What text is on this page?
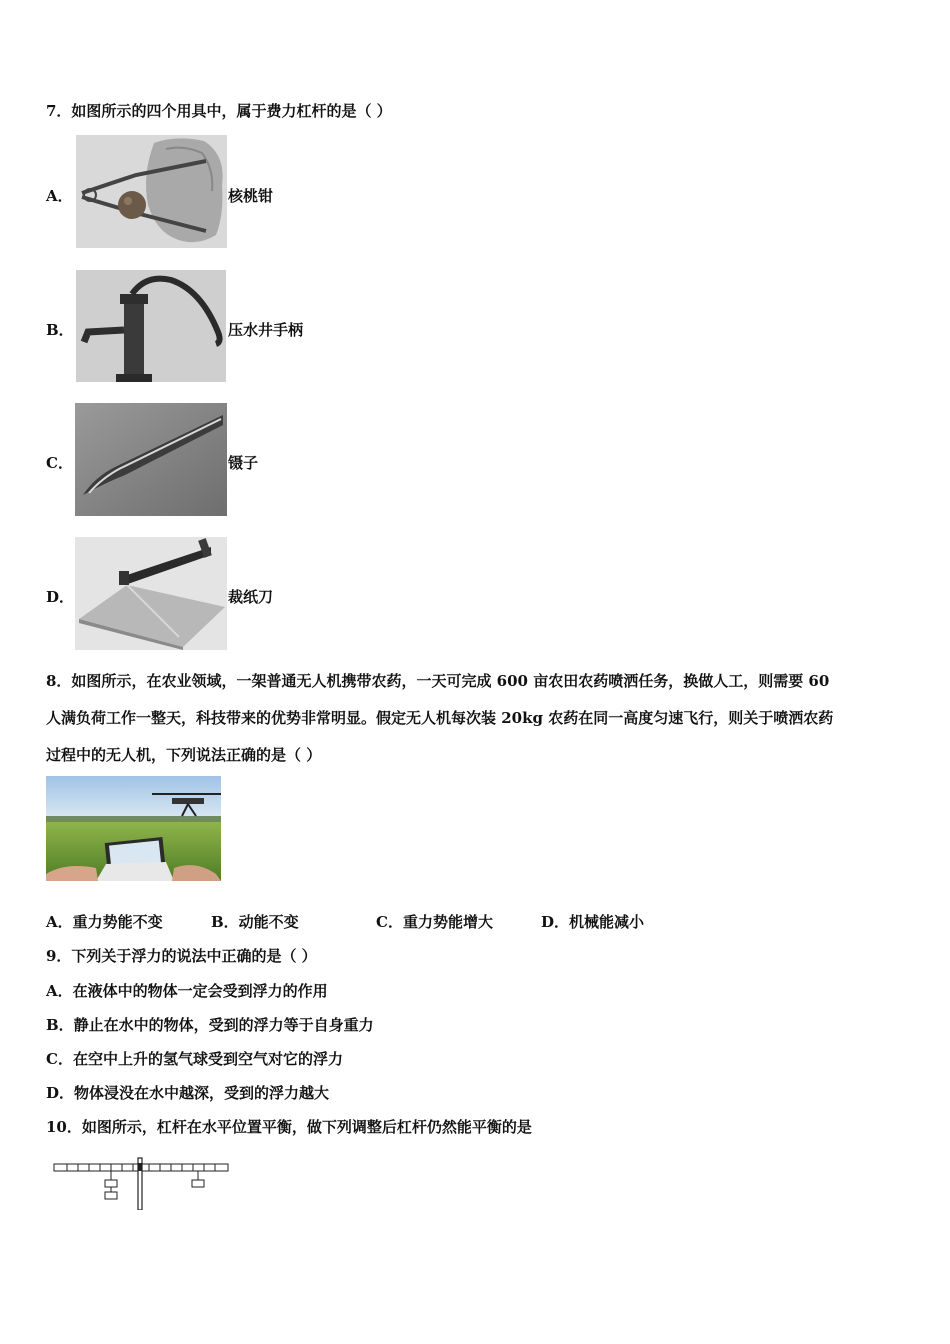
7．如图所示的四个用具中，属于费力杠杆的是（ ）
A．	核桃钳
B．	压水井手柄
C．	镊子
D．	裁纸刀
8．如图所示，在农业领域，一架普通无人机携带农药，一天可完成 600 亩农田农药喷洒任务，换做人工，则需要 60
人满负荷工作一整天，科技带来的优势非常明显。假定无人机每次装 20kg 农药在同一高度匀速飞行，则关于喷洒农药
过程中的无人机，下列说法正确的是（ ）
A．重力势能不变	B．动能不变	C．重力势能增大	D．机械能减小
9．下列关于浮力的说法中正确的是（ ）
A．在液体中的物体一定会受到浮力的作用
B．静止在水中的物体，受到的浮力等于自身重力
C．在空中上升的氢气球受到空气对它的浮力
D．物体浸没在水中越深，受到的浮力越大
10．如图所示，杠杆在水平位置平衡，做下列调整后杠杆仍然能平衡的是
